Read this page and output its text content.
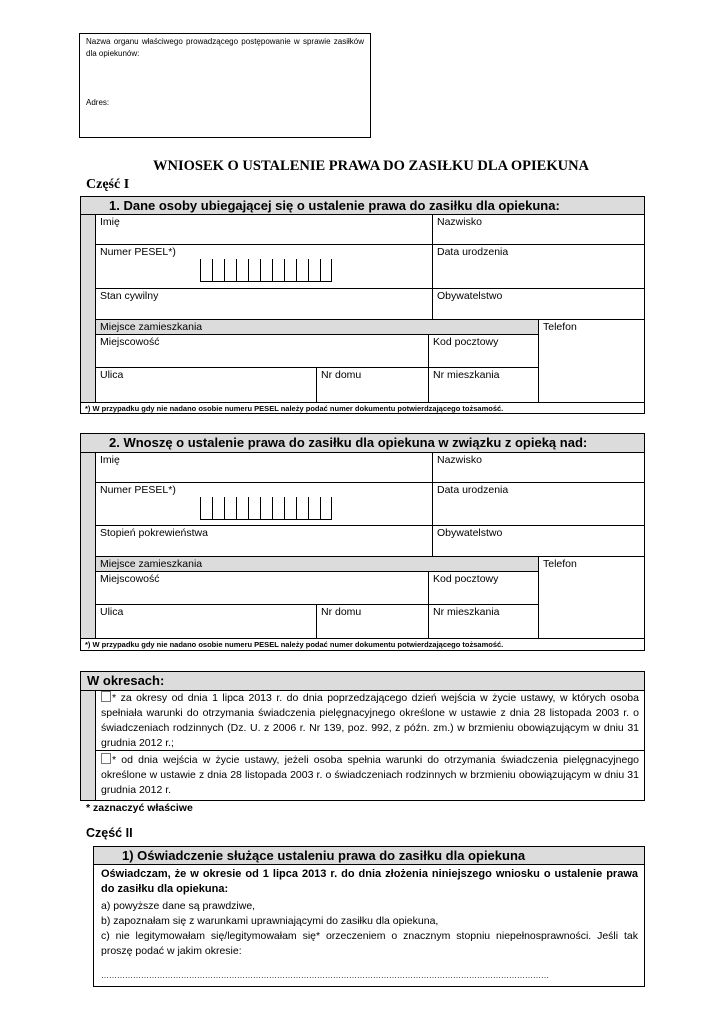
Nazwa organu właściwego prowadzącego postępowanie w sprawie zasiłków dla opiekunów:

Adres:

WNIOSEK O USTALENIE PRAWA DO ZASIŁKU DLA OPIEKUNA
Część I
1. Dane osoby ubiegającej się o ustalenie prawa do zasiłku dla opiekuna:
Imię	Nazwisko
Numer PESEL*)	Data urodzenia
Stan cywilny	Obywatelstwo
Miejsce zamieszkania	Telefon
Miejscowość	Kod pocztowy
Ulica	Nr domu	Nr mieszkania
*) W przypadku gdy nie nadano osobie numeru PESEL należy podać numer dokumentu potwierdzającego tożsamość.
2. Wnoszę o ustalenie prawa do zasiłku dla opiekuna w związku z opieką nad:
Imię	Nazwisko
Numer PESEL*)	Data urodzenia
Stopień pokrewieństwa	Obywatelstwo
Miejsce zamieszkania	Telefon
Miejscowość	Kod pocztowy
Ulica	Nr domu	Nr mieszkania
*) W przypadku gdy nie nadano osobie numeru PESEL należy podać numer dokumentu potwierdzającego tożsamość.
W okresach:
* za okresy od dnia 1 lipca 2013 r. do dnia poprzedzającego dzień wejścia w życie ustawy, w których osoba spełniała warunki do otrzymania świadczenia pielęgnacyjnego określone w ustawie z dnia 28 listopada 2003 r. o świadczeniach rodzinnych (Dz. U. z 2006 r. Nr 139, poz. 992, z późn. zm.) w brzmieniu obowiązującym w dniu 31 grudnia 2012 r.;
* od dnia wejścia w życie ustawy, jeżeli osoba spełnia warunki do otrzymania świadczenia pielęgnacyjnego określone w ustawie z dnia 28 listopada 2003 r. o świadczeniach rodzinnych w brzmieniu obowiązującym w dniu 31 grudnia 2012 r.
* zaznaczyć właściwe
Część II
1) Oświadczenie służące ustaleniu prawa do zasiłku dla opiekuna
Oświadczam, że w okresie od 1 lipca 2013 r. do dnia złożenia niniejszego wniosku o ustalenie prawa do zasiłku dla opiekuna:
a) powyższe dane są prawdziwe,
b) zapoznałam się z warunkami uprawniającymi do zasiłku dla opiekuna,
c) nie legitymowałam się/legitymowałam się* orzeczeniem o znacznym stopniu niepełnosprawności. Jeśli tak proszę podać w jakim okresie:
……………………………………………………………………………………………………………………………………………………
